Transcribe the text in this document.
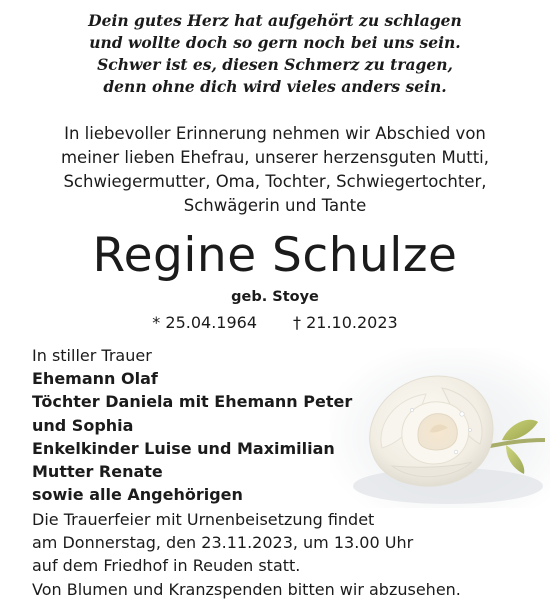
Dein gutes Herz hat aufgehört zu schlagen
und wollte doch so gern noch bei uns sein.
Schwer ist es, diesen Schmerz zu tragen,
denn ohne dich wird vieles anders sein.
In liebevoller Erinnerung nehmen wir Abschied von
meiner lieben Ehefrau, unserer herzensguten Mutti,
Schwiegermutter, Oma, Tochter, Schwiegertochter,
Schwägerin und Tante
Regine Schulze
geb. Stoye
* 25.04.1964 † 21.10.2023
In stiller Trauer
Ehemann Olaf
Töchter Daniela mit Ehemann Peter
und Sophia
Enkelkinder Luise und Maximilian
Mutter Renate
sowie alle Angehörigen
Die Trauerfeier mit Urnenbeisetzung findet
am Donnerstag, den 23.11.2023, um 13.00 Uhr
auf dem Friedhof in Reuden statt.
Von Blumen und Kranzspenden bitten wir abzusehen.
